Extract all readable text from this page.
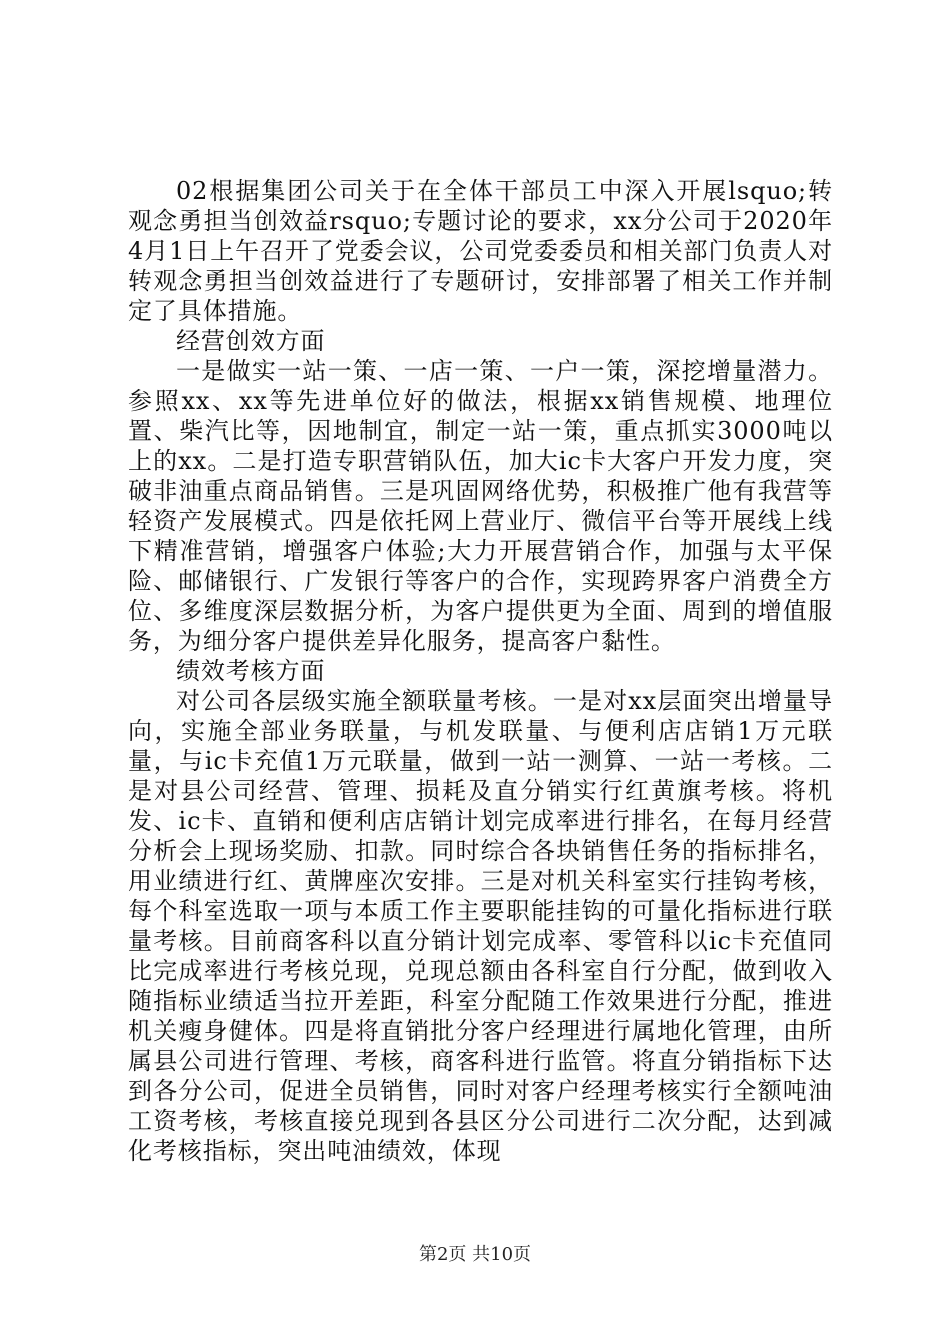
02根据集团公司关于在全体干部员工中深入开展lsquo;转观念勇担当创效益rsquo;专题讨论的要求，xx分公司于2020年4月1日上午召开了党委会议，公司党委委员和相关部门负责人对转观念勇担当创效益进行了专题研讨，安排部署了相关工作并制定了具体措施。

经营创效方面

一是做实一站一策、一店一策、一户一策，深挖增量潜力。参照xx、xx等先进单位好的做法，根据xx销售规模、地理位置、柴汽比等，因地制宜，制定一站一策，重点抓实3000吨以上的xx。二是打造专职营销队伍，加大ic卡大客户开发力度，突破非油重点商品销售。三是巩固网络优势，积极推广他有我营等轻资产发展模式。四是依托网上营业厅、微信平台等开展线上线下精准营销，增强客户体验;大力开展营销合作，加强与太平保险、邮储银行、广发银行等客户的合作，实现跨界客户消费全方位、多维度深层数据分析，为客户提供更为全面、周到的增值服务，为细分客户提供差异化服务，提高客户黏性。

绩效考核方面

对公司各层级实施全额联量考核。一是对xx层面突出增量导向，实施全部业务联量，与机发联量、与便利店店销1万元联量，与ic卡充值1万元联量，做到一站一测算、一站一考核。二是对县公司经营、管理、损耗及直分销实行红黄旗考核。将机发、ic卡、直销和便利店店销计划完成率进行排名，在每月经营分析会上现场奖励、扣款。同时综合各块销售任务的指标排名，用业绩进行红、黄牌座次安排。三是对机关科室实行挂钩考核，每个科室选取一项与本质工作主要职能挂钩的可量化指标进行联量考核。目前商客科以直分销计划完成率、零管科以ic卡充值同比完成率进行考核兑现，兑现总额由各科室自行分配，做到收入随指标业绩适当拉开差距，科室分配随工作效果进行分配，推进机关瘦身健体。四是将直销批分客户经理进行属地化管理，由所属县公司进行管理、考核，商客科进行监管。将直分销指标下达到各分公司，促进全员销售，同时对客户经理考核实行全额吨油工资考核，考核直接兑现到各县区分公司进行二次分配，达到减化考核指标，突出吨油绩效，体现

第2页 共10页
